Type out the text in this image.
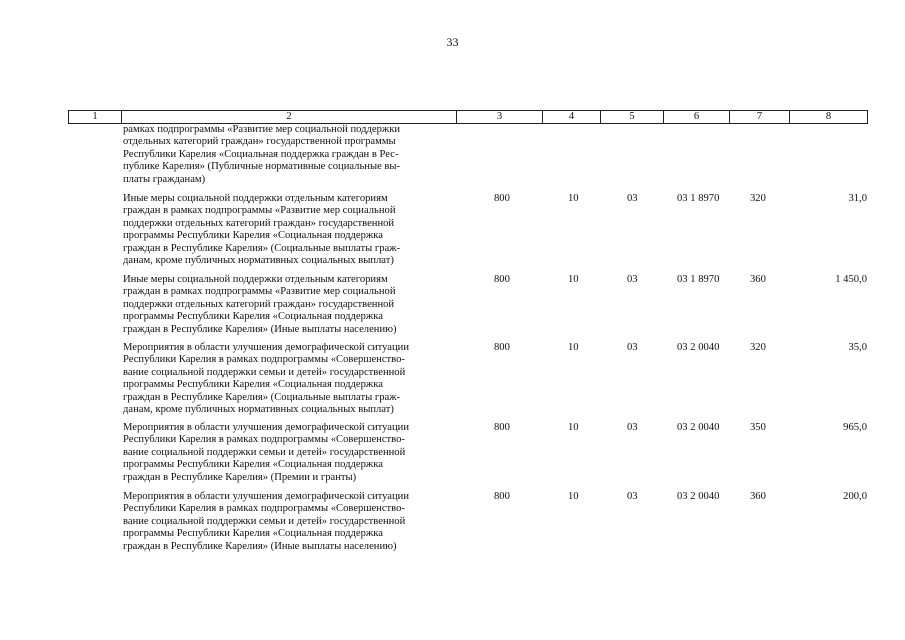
33
1	2	3	4	5	6	7	8
рамках подпрограммы «Развитие мер социальной поддержки
отдельных категорий граждан» государственной программы
Республики Карелия «Социальная поддержка граждан в Рес-
публике Карелия» (Публичные нормативные социальные вы-
платы гражданам)
Иные меры социальной поддержки отдельным категориям
граждан в рамках подпрограммы «Развитие мер социальной
поддержки отдельных категорий граждан» государственной
программы Республики Карелия «Социальная поддержка
граждан в Республике Карелия» (Социальные выплаты граж-
данам, кроме публичных нормативных социальных выплат)
800	10	03	03 1 8970	320	31,0
Иные меры социальной поддержки отдельным категориям
граждан в рамках подпрограммы «Развитие мер социальной
поддержки отдельных категорий граждан» государственной
программы Республики Карелия «Социальная поддержка
граждан в Республике Карелия» (Иные выплаты населению)
800	10	03	03 1 8970	360	1 450,0
Мероприятия в области улучшения демографической ситуации
Республики Карелия в рамках подпрограммы «Совершенство-
вание социальной поддержки семьи и детей» государственной
программы Республики Карелия «Социальная поддержка
граждан в Республике Карелия» (Социальные выплаты граж-
данам, кроме публичных нормативных социальных выплат)
800	10	03	03 2 0040	320	35,0
Мероприятия в области улучшения демографической ситуации
Республики Карелия в рамках подпрограммы «Совершенство-
вание социальной поддержки семьи и детей» государственной
программы Республики Карелия «Социальная поддержка
граждан в Республике Карелия» (Премии и гранты)
800	10	03	03 2 0040	350	965,0
Мероприятия в области улучшения демографической ситуации
Республики Карелия в рамках подпрограммы «Совершенство-
вание социальной поддержки семьи и детей» государственной
программы Республики Карелия «Социальная поддержка
граждан в Республике Карелия» (Иные выплаты населению)
800	10	03	03 2 0040	360	200,0
